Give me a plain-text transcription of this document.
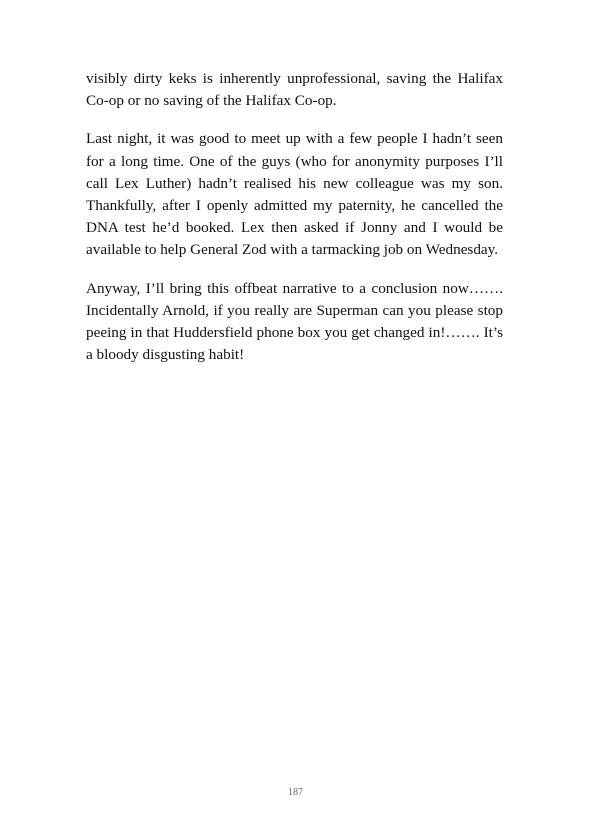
visibly dirty keks is inherently unprofessional, saving the Halifax Co-op or no saving of the Halifax Co-op.

Last night, it was good to meet up with a few people I hadn’t seen for a long time. One of the guys (who for anonymity purposes I’ll call Lex Luther) hadn’t realised his new colleague was my son. Thankfully, after I openly admitted my paternity, he cancelled the DNA test he’d booked. Lex then asked if Jonny and I would be available to help General Zod with a tarmacking job on Wednesday.

Anyway, I’ll bring this offbeat narrative to a conclusion now……. Incidentally Arnold, if you really are Superman can you please stop peeing in that Huddersfield phone box you get changed in!……. It’s a bloody disgusting habit!

187
